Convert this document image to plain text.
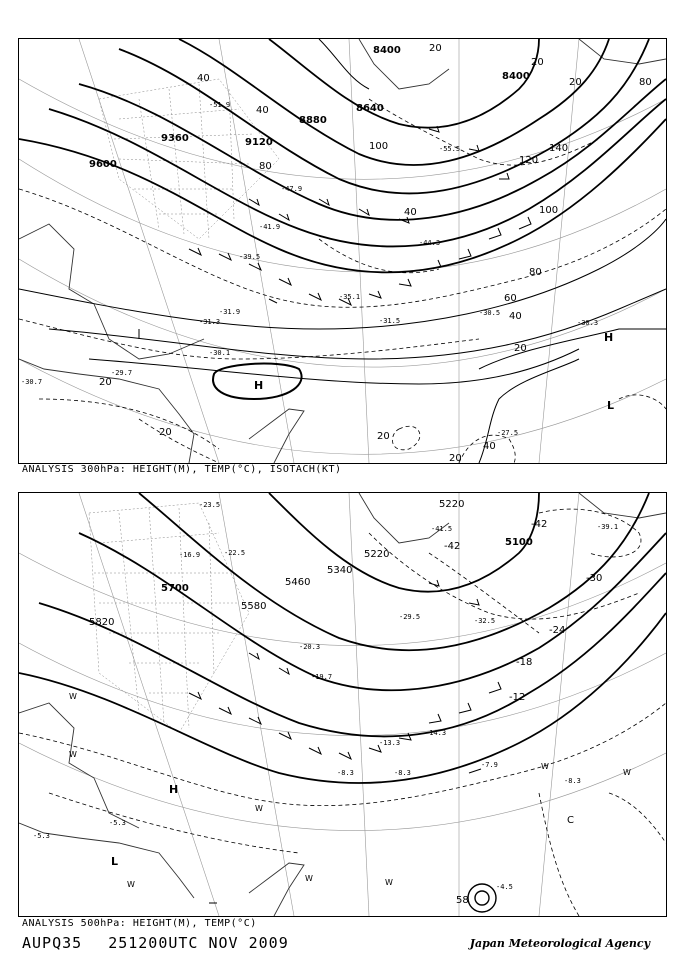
9600
9360	9120
8880
8640
8400
8400
20
40
40
80
100
120
140
100
40
80
60
40
20
20	80
20	20
20
40
20
20
-51.9
-47.9
-41.9
-39.5
-35.1
-31.9
-31.3
-30.1
-29.7
-30.7
-30.5
-31.5	-30.3
-27.5
-55.5
-44.3
H
H
L
ANALYSIS 300hPa: HEIGHT(M), TEMP(°C), ISOTACH(KT)
5820
5700
5580
5460
5340
5220
5220
5100
-42
-42
-30
-24
-18
-12
-23.5
-16.9	-22.5
-20.3
-19.7
-14.3
-13.3
-8.3	-8.3
-7.9
-8.3
-29.5	-32.5
-41.5	-39.1
-5.3
-5.3
-4.5
H
L
C
W
W
W
W
W	W
W
W
58
ANALYSIS 500hPa: HEIGHT(M), TEMP(°C)
AUPQ35 251200UTC NOV 2009	Japan Meteorological Agency
